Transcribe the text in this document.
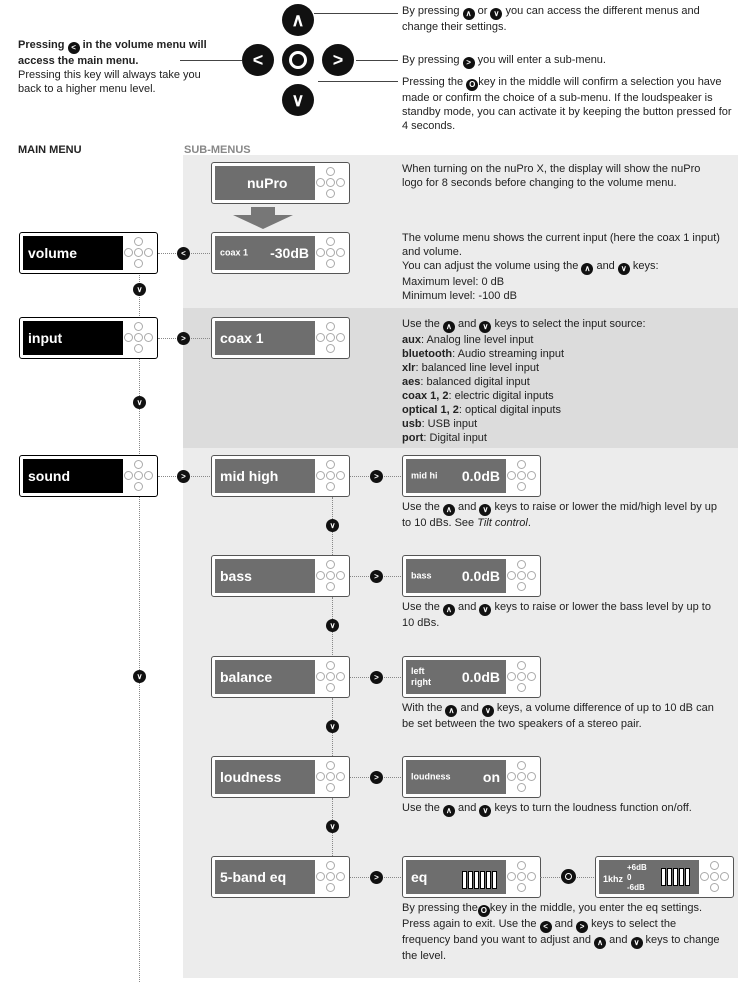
∧
<	>
∨
Pressing < in the volume menu will access the main menu.
Pressing this key will always take you back to a higher menu level.
By pressing ∧ or ∨ you can access the different menus and change their settings.
By pressing > you will enter a sub-menu.
Pressing the O key in the middle will confirm a selection you have made or confirm the choice of a sub-menu. If the loudspeaker is standby mode, you can activate it by keeping the button pressed for 4 seconds.
MAIN MENU	SUB-MENUS
volume
input
sound
∨
∨
∨
<
>
>
nuPro
When turning on the nuPro X, the display will show the nuPro logo for 8 seconds before changing to the volume menu.
coax 1 -30dB
The volume menu shows the current input (here the coax 1 input) and volume.
You can adjust the volume using the ∧ and ∨ keys:
Maximum level: 0 dB
Minimum level: -100 dB
coax 1
Use the ∧ and ∨ keys to select the input source:
aux: Analog line level input
bluetooth: Audio streaming input
xlr: balanced line level input
aes: balanced digital input
coax 1, 2: electric digital inputs
optical 1, 2: optical digital inputs
usb: USB input
port: Digital input
mid high	>	mid hi 0.0dB
Use the ∧ and ∨ keys to raise or lower the mid/high level by up to 10 dBs. See Tilt control.
∨
bass	>	bass 0.0dB
Use the ∧ and ∨ keys to raise or lower the bass level by up to 10 dBs.
∨
balance	>
left
right 0.0dB
With the ∧ and ∨ keys, a volume difference of up to 10 dB can be set between the two speakers of a stereo pair.
∨
loudness	>	loudness on
Use the ∧ and ∨ keys to turn the loudness function on/off.
∨
5-band eq	> eq
By pressing the O key in the middle, you enter the eq settings. Press again to exit. Use the < and > keys to select the frequency band you want to adjust and ∧ and ∨ keys to change the level.
1khz
+6dB
0
-6dB
